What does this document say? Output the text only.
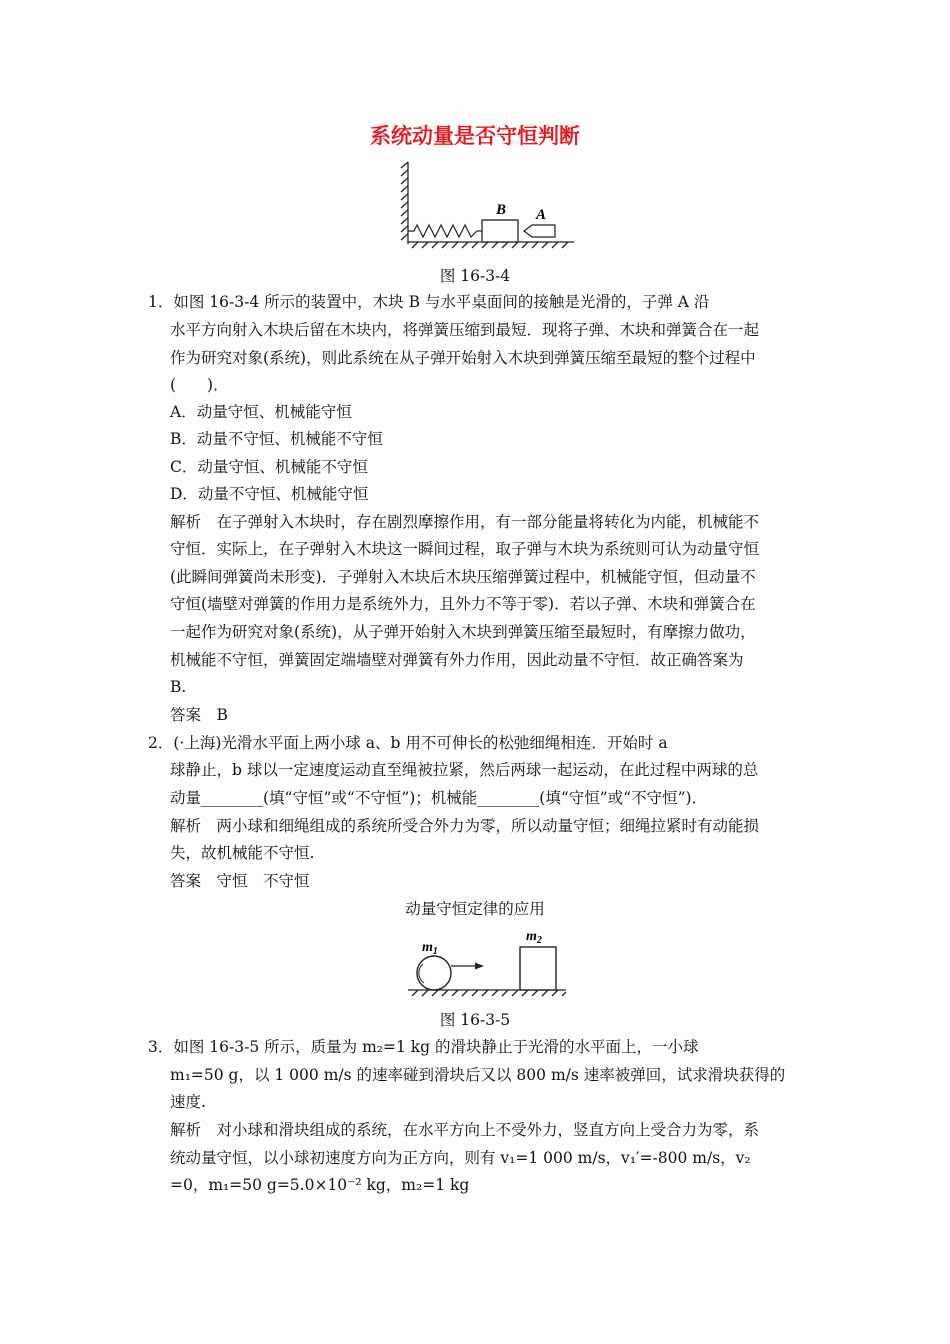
系统动量是否守恒判断
B A
图 16-3-4
1．如图 16-3-4 所示的装置中，木块 B 与水平桌面间的接触是光滑的，子弹 A 沿
水平方向射入木块后留在木块内，将弹簧压缩到最短．现将子弹、木块和弹簧合在一起
作为研究对象(系统)，则此系统在从子弹开始射入木块到弹簧压缩至最短的整个过程中
(　　)．
A．动量守恒、机械能守恒
B．动量不守恒、机械能不守恒
C．动量守恒、机械能不守恒
D．动量不守恒、机械能守恒
解析　在子弹射入木块时，存在剧烈摩擦作用，有一部分能量将转化为内能，机械能不
守恒．实际上，在子弹射入木块这一瞬间过程，取子弹与木块为系统则可认为动量守恒
(此瞬间弹簧尚未形变)．子弹射入木块后木块压缩弹簧过程中，机械能守恒，但动量不
守恒(墙壁对弹簧的作用力是系统外力，且外力不等于零)．若以子弹、木块和弹簧合在
一起作为研究对象(系统)，从子弹开始射入木块到弹簧压缩至最短时，有摩擦力做功，
机械能不守恒，弹簧固定端墙壁对弹簧有外力作用，因此动量不守恒．故正确答案为
B.
答案　B
2．(·上海)光滑水平面上两小球 a、b 用不可伸长的松弛细绳相连．开始时 a
球静止，b 球以一定速度运动直至绳被拉紧，然后两球一起运动，在此过程中两球的总
动量________(填“守恒”或“不守恒”)；机械能________(填“守恒”或“不守恒”)．
解析　两小球和细绳组成的系统所受合外力为零，所以动量守恒；细绳拉紧时有动能损
失，故机械能不守恒.
答案　守恒　不守恒
动量守恒定律的应用
$m_1$
$m_2$
图 16-3-5
3．如图 16-3-5 所示，质量为 m₂=1 kg 的滑块静止于光滑的水平面上，一小球
m₁=50 g，以 1 000 m/s 的速率碰到滑块后又以 800 m/s 速率被弹回，试求滑块获得的
速度.
解析　对小球和滑块组成的系统，在水平方向上不受外力，竖直方向上受合力为零，系
统动量守恒，以小球初速度方向为正方向，则有 v₁=1 000 m/s，v₁′=-800 m/s，v₂
=0，m₁=50 g=5.0×10⁻² kg，m₂=1 kg
